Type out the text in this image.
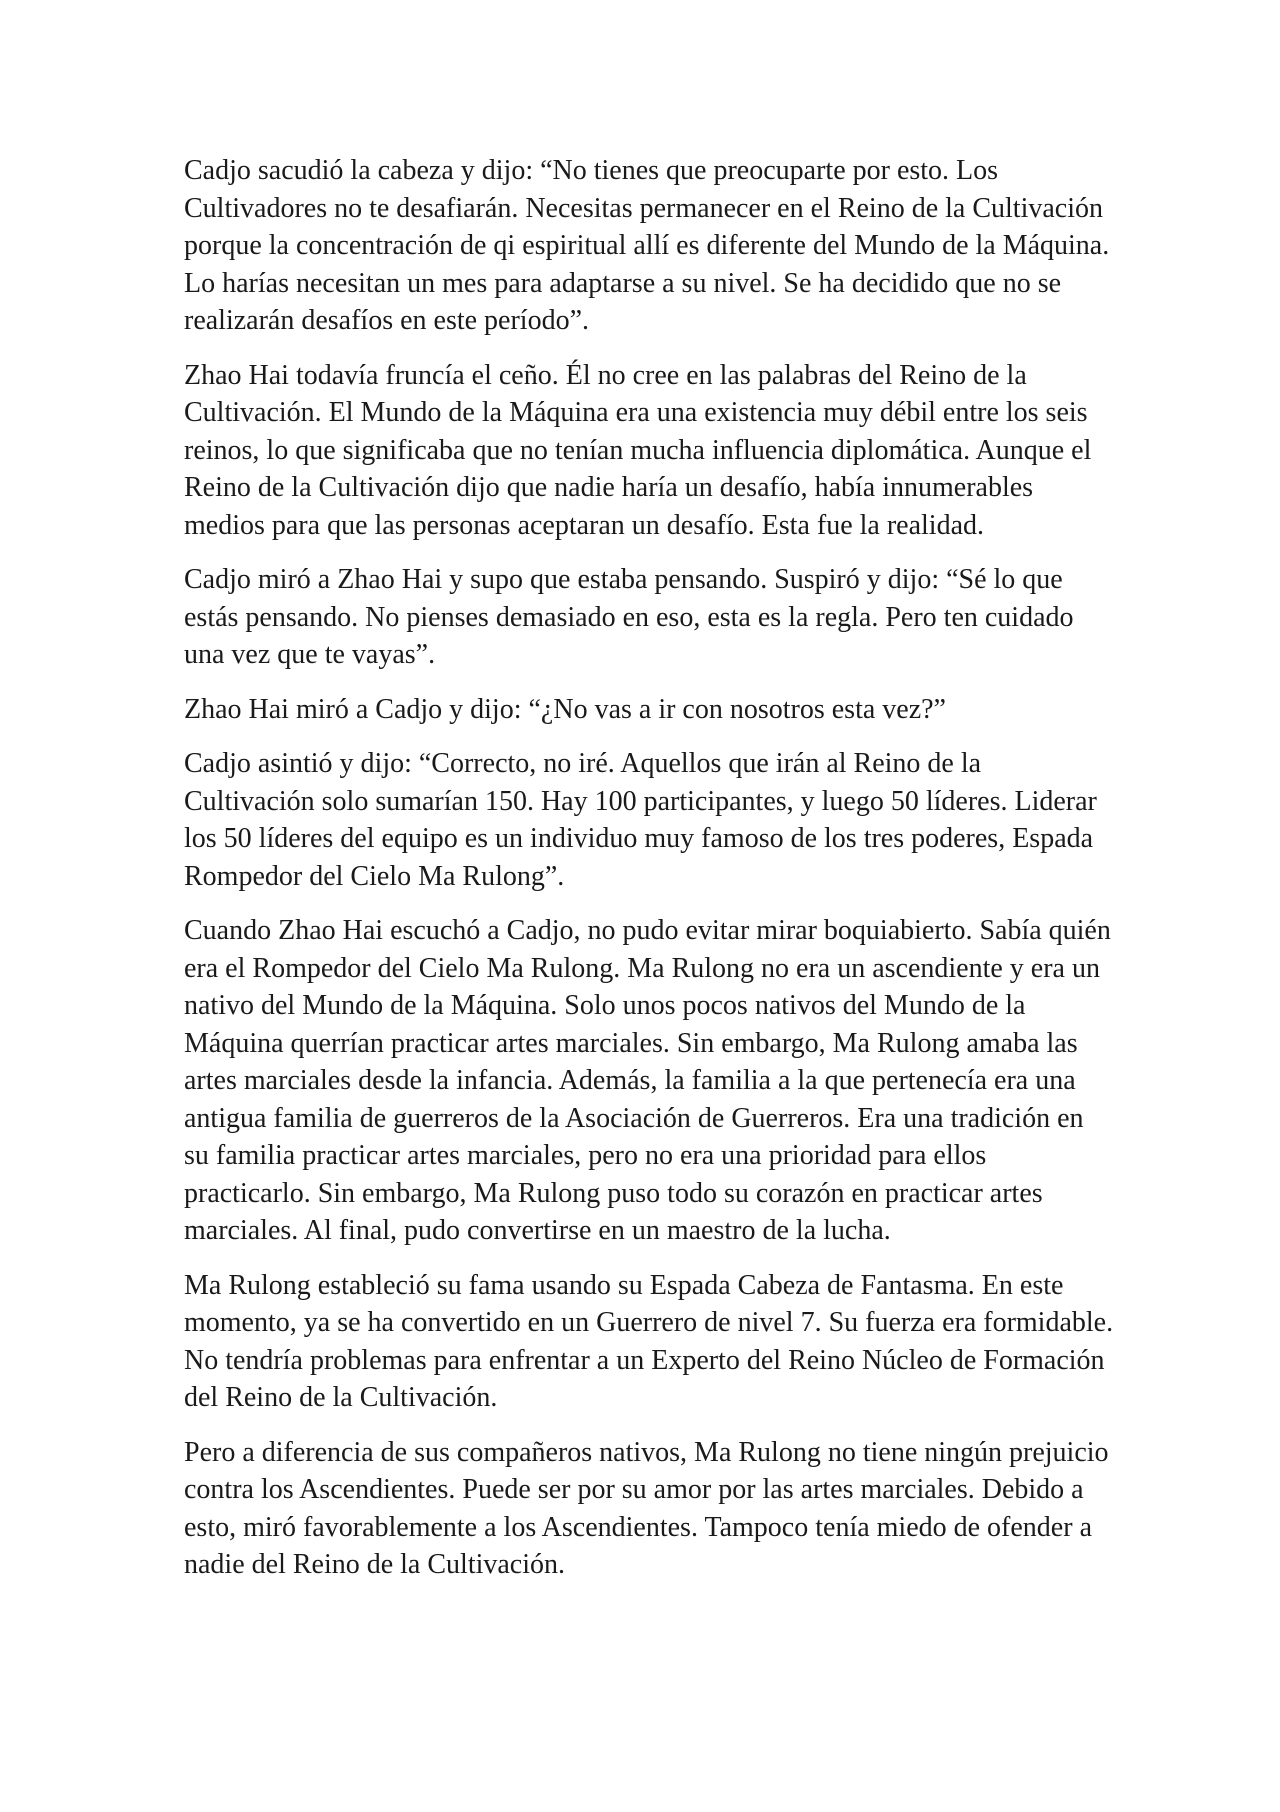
Cadjo sacudió la cabeza y dijo: “No tienes que preocuparte por esto. Los Cultivadores no te desafiarán. Necesitas permanecer en el Reino de la Cultivación porque la concentración de qi espiritual allí es diferente del Mundo de la Máquina. Lo harías necesitan un mes para adaptarse a su nivel. Se ha decidido que no se realizarán desafíos en este período”.

Zhao Hai todavía fruncía el ceño. Él no cree en las palabras del Reino de la Cultivación. El Mundo de la Máquina era una existencia muy débil entre los seis reinos, lo que significaba que no tenían mucha influencia diplomática. Aunque el Reino de la Cultivación dijo que nadie haría un desafío, había innumerables medios para que las personas aceptaran un desafío. Esta fue la realidad.

Cadjo miró a Zhao Hai y supo que estaba pensando. Suspiró y dijo: “Sé lo que estás pensando. No pienses demasiado en eso, esta es la regla. Pero ten cuidado una vez que te vayas”.

Zhao Hai miró a Cadjo y dijo: “¿No vas a ir con nosotros esta vez?”

Cadjo asintió y dijo: “Correcto, no iré. Aquellos que irán al Reino de la Cultivación solo sumarían 150. Hay 100 participantes, y luego 50 líderes. Liderar los 50 líderes del equipo es un individuo muy famoso de los tres poderes, Espada Rompedor del Cielo Ma Rulong”.

Cuando Zhao Hai escuchó a Cadjo, no pudo evitar mirar boquiabierto. Sabía quién era el Rompedor del Cielo Ma Rulong. Ma Rulong no era un ascendiente y era un nativo del Mundo de la Máquina. Solo unos pocos nativos del Mundo de la Máquina querrían practicar artes marciales. Sin embargo, Ma Rulong amaba las artes marciales desde la infancia. Además, la familia a la que pertenecía era una antigua familia de guerreros de la Asociación de Guerreros. Era una tradición en su familia practicar artes marciales, pero no era una prioridad para ellos practicarlo. Sin embargo, Ma Rulong puso todo su corazón en practicar artes marciales. Al final, pudo convertirse en un maestro de la lucha.

Ma Rulong estableció su fama usando su Espada Cabeza de Fantasma. En este momento, ya se ha convertido en un Guerrero de nivel 7. Su fuerza era formidable. No tendría problemas para enfrentar a un Experto del Reino Núcleo de Formación del Reino de la Cultivación.

Pero a diferencia de sus compañeros nativos, Ma Rulong no tiene ningún prejuicio contra los Ascendientes. Puede ser por su amor por las artes marciales. Debido a esto, miró favorablemente a los Ascendientes. Tampoco tenía miedo de ofender a nadie del Reino de la Cultivación.
